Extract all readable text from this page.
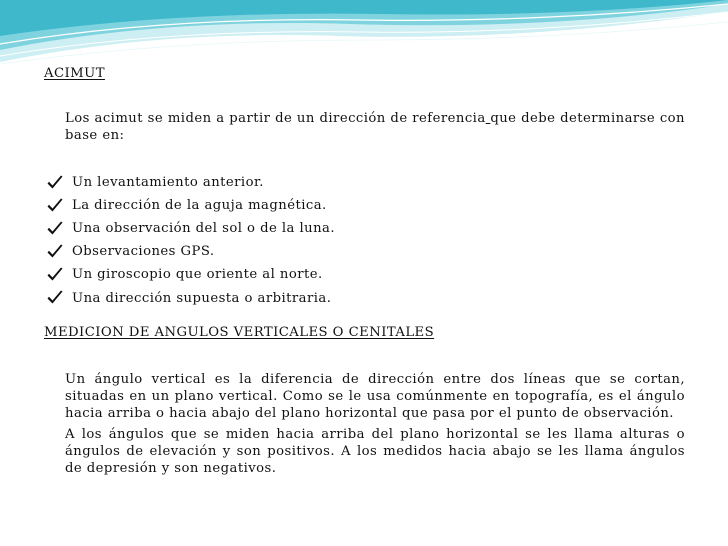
ACIMUT

Los acimut se miden a partir de un dirección de referencia que debe determinarse con base en:

Un levantamiento anterior.
La dirección de la aguja magnética.
Una observación del sol o de la luna.
Observaciones GPS.
Un giroscopio que oriente al norte.
Una dirección supuesta o arbitraria.
MEDICION DE ANGULOS VERTICALES O CENITALES

Un ángulo vertical es la diferencia de dirección entre dos líneas que se cortan, situadas en un plano vertical. Como se le usa comúnmente en topografía, es el ángulo hacia arriba o hacia abajo del plano horizontal que pasa por el punto de observación.

A los ángulos que se miden hacia arriba del plano horizontal se les llama alturas o ángulos de elevación y son positivos. A los medidos hacia abajo se les llama ángulos de depresión y son negativos.
